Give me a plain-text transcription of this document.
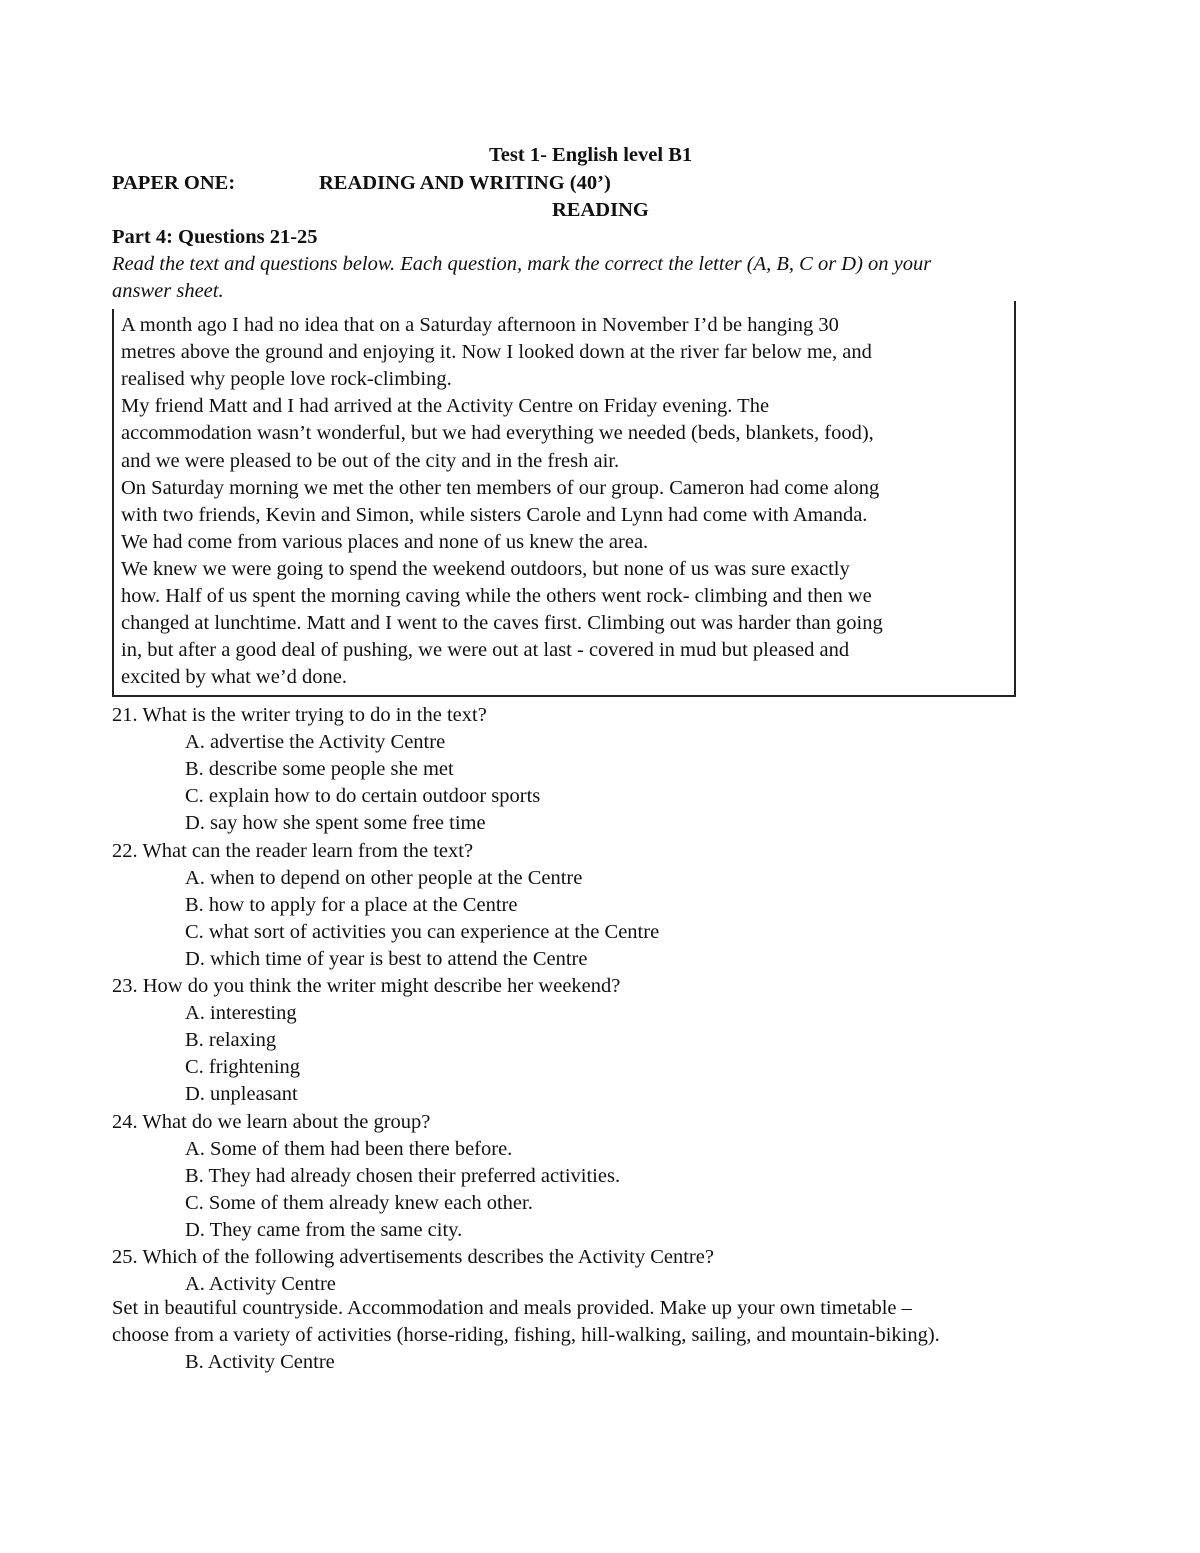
Test 1- English level B1
PAPER ONE:	READING AND WRITING (40’)
READING
Part 4: Questions 21-25
Read the text and questions below. Each question, mark the correct the letter (A, B, C or D) on your
answer sheet.
A month ago I had no idea that on a Saturday afternoon in November I’d be hanging 30
metres above the ground and enjoying it. Now I looked down at the river far below me, and
realised why people love rock-climbing.
My friend Matt and I had arrived at the Activity Centre on Friday evening. The
accommodation wasn’t wonderful, but we had everything we needed (beds, blankets, food),
and we were pleased to be out of the city and in the fresh air.
On Saturday morning we met the other ten members of our group. Cameron had come along
with two friends, Kevin and Simon, while sisters Carole and Lynn had come with Amanda.
We had come from various places and none of us knew the area.
We knew we were going to spend the weekend outdoors, but none of us was sure exactly
how. Half of us spent the morning caving while the others went rock- climbing and then we
changed at lunchtime. Matt and I went to the caves first. Climbing out was harder than going
in, but after a good deal of pushing, we were out at last - covered in mud but pleased and
excited by what we’d done.
21. What is the writer trying to do in the text?
A. advertise the Activity Centre
B. describe some people she met
C. explain how to do certain outdoor sports
D. say how she spent some free time
22. What can the reader learn from the text?
A. when to depend on other people at the Centre
B. how to apply for a place at the Centre
C. what sort of activities you can experience at the Centre
D. which time of year is best to attend the Centre
23. How do you think the writer might describe her weekend?
A. interesting
B. relaxing
C. frightening
D. unpleasant
24. What do we learn about the group?
A. Some of them had been there before.
B. They had already chosen their preferred activities.
C. Some of them already knew each other.
D. They came from the same city.
25. Which of the following advertisements describes the Activity Centre?
A. Activity Centre
Set in beautiful countryside. Accommodation and meals provided. Make up your own timetable –
choose from a variety of activities (horse-riding, fishing, hill-walking, sailing, and mountain-biking).
B. Activity Centre
